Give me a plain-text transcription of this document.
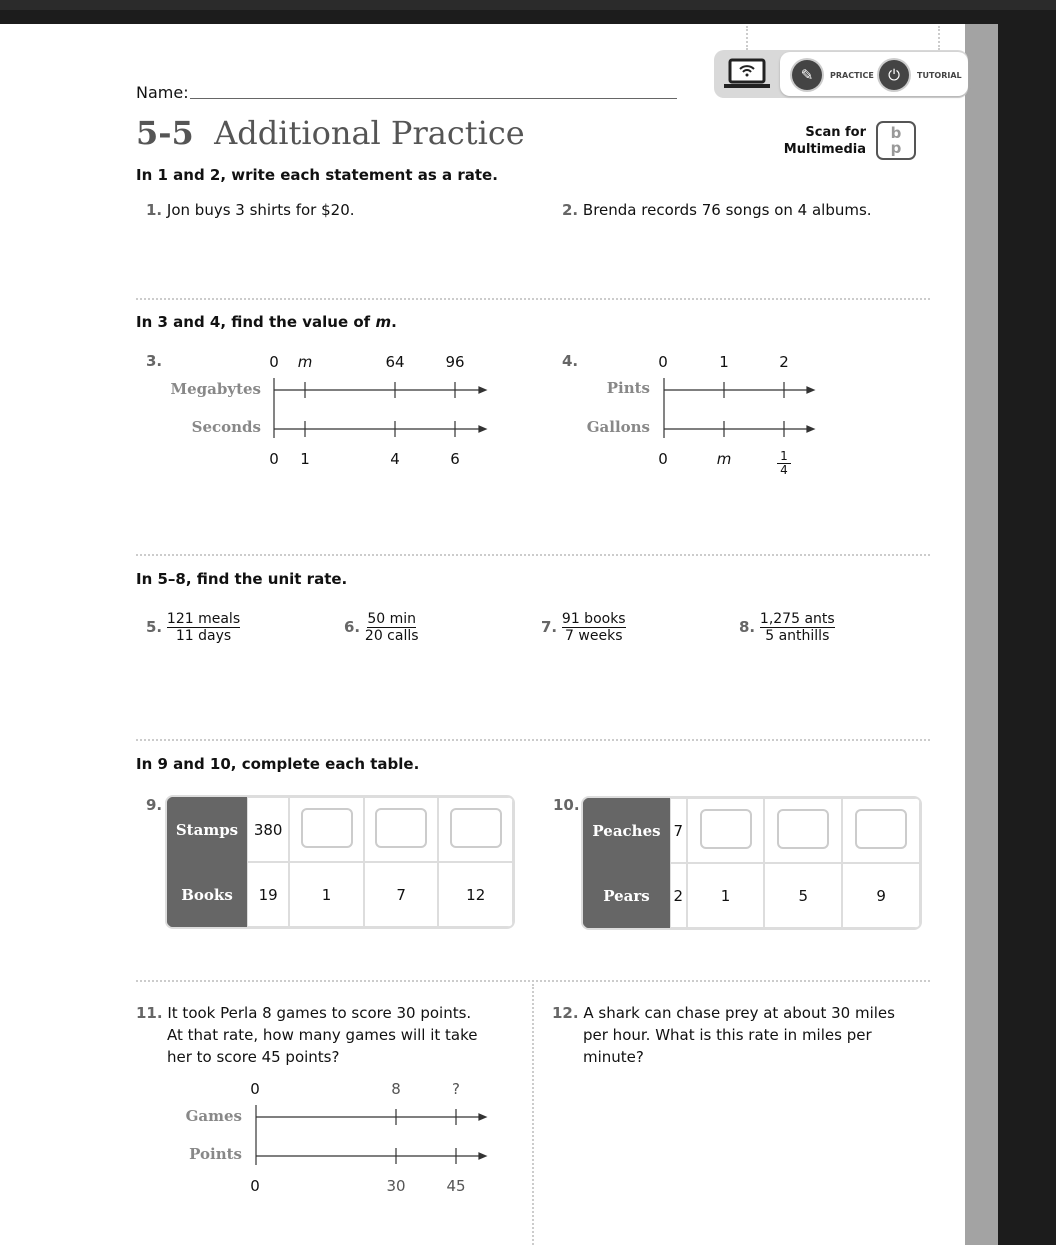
✎	PRACTICE ⏻	TUTORIAL
Name:
5-5 Additional Practice	Scan for
Multimedia
b
p
In 1 and 2, write each statement as a rate.
1. Jon buys 3 shirts for $20.	2. Brenda records 76 songs on 4 albums.
In 3 and 4, find the value of m.
3.
Megabytes
Seconds
0	m	64	96
0	1	4	6
4.
Pints
Gallons
0	1	2
0	m	$\frac{1}{4}$
In 5–8, find the unit rate.
5. $\frac{\text{121 meals}}{\text{11 days}}$	6. $\frac{50 \min}{\text{20 calls}}$	7. $\frac{\text{91 books}}{\text{7 weeks}}$	8. $\frac{\text{1,275 ants}}{\text{5 anthills}}$
In 9 and 10, complete each table.
9.
Stamps	380			
Books	19	1	7	12
10.
Peaches	7			
Pears	2	1	5	9
11. It took Perla 8 games to score 30 points.
At that rate, how many games will it take
her to score 45 points?
12. A shark can chase prey at about 30 miles
per hour. What is this rate in miles per
minute?
Games
Points
0	8	?
0	30	45
